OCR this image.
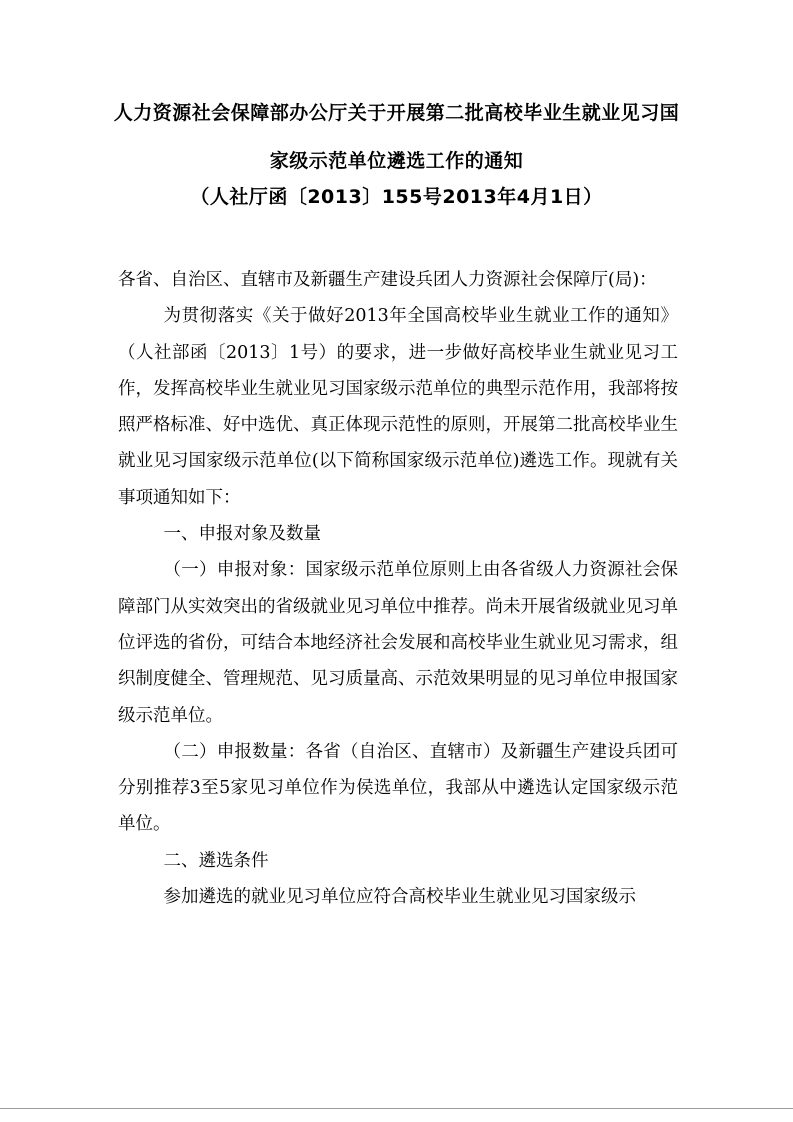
人力资源社会保障部办公厅关于开展第二批高校毕业生就业见习国
家级示范单位遴选工作的通知
（人社厅函〔2013〕155号2013年4月1日）

各省、自治区、直辖市及新疆生产建设兵团人力资源社会保障厅(局)：

为贯彻落实《关于做好2013年全国高校毕业生就业工作的通知》（人社部函〔2013〕1号）的要求，进一步做好高校毕业生就业见习工作，发挥高校毕业生就业见习国家级示范单位的典型示范作用，我部将按照严格标准、好中选优、真正体现示范性的原则，开展第二批高校毕业生就业见习国家级示范单位(以下简称国家级示范单位)遴选工作。现就有关事项通知如下：

一、申报对象及数量

（一）申报对象：国家级示范单位原则上由各省级人力资源社会保障部门从实效突出的省级就业见习单位中推荐。尚未开展省级就业见习单位评选的省份，可结合本地经济社会发展和高校毕业生就业见习需求，组织制度健全、管理规范、见习质量高、示范效果明显的见习单位申报国家级示范单位。

（二）申报数量：各省（自治区、直辖市）及新疆生产建设兵团可分别推荐3至5家见习单位作为侯选单位，我部从中遴选认定国家级示范单位。

二、遴选条件

参加遴选的就业见习单位应符合高校毕业生就业见习国家级示
